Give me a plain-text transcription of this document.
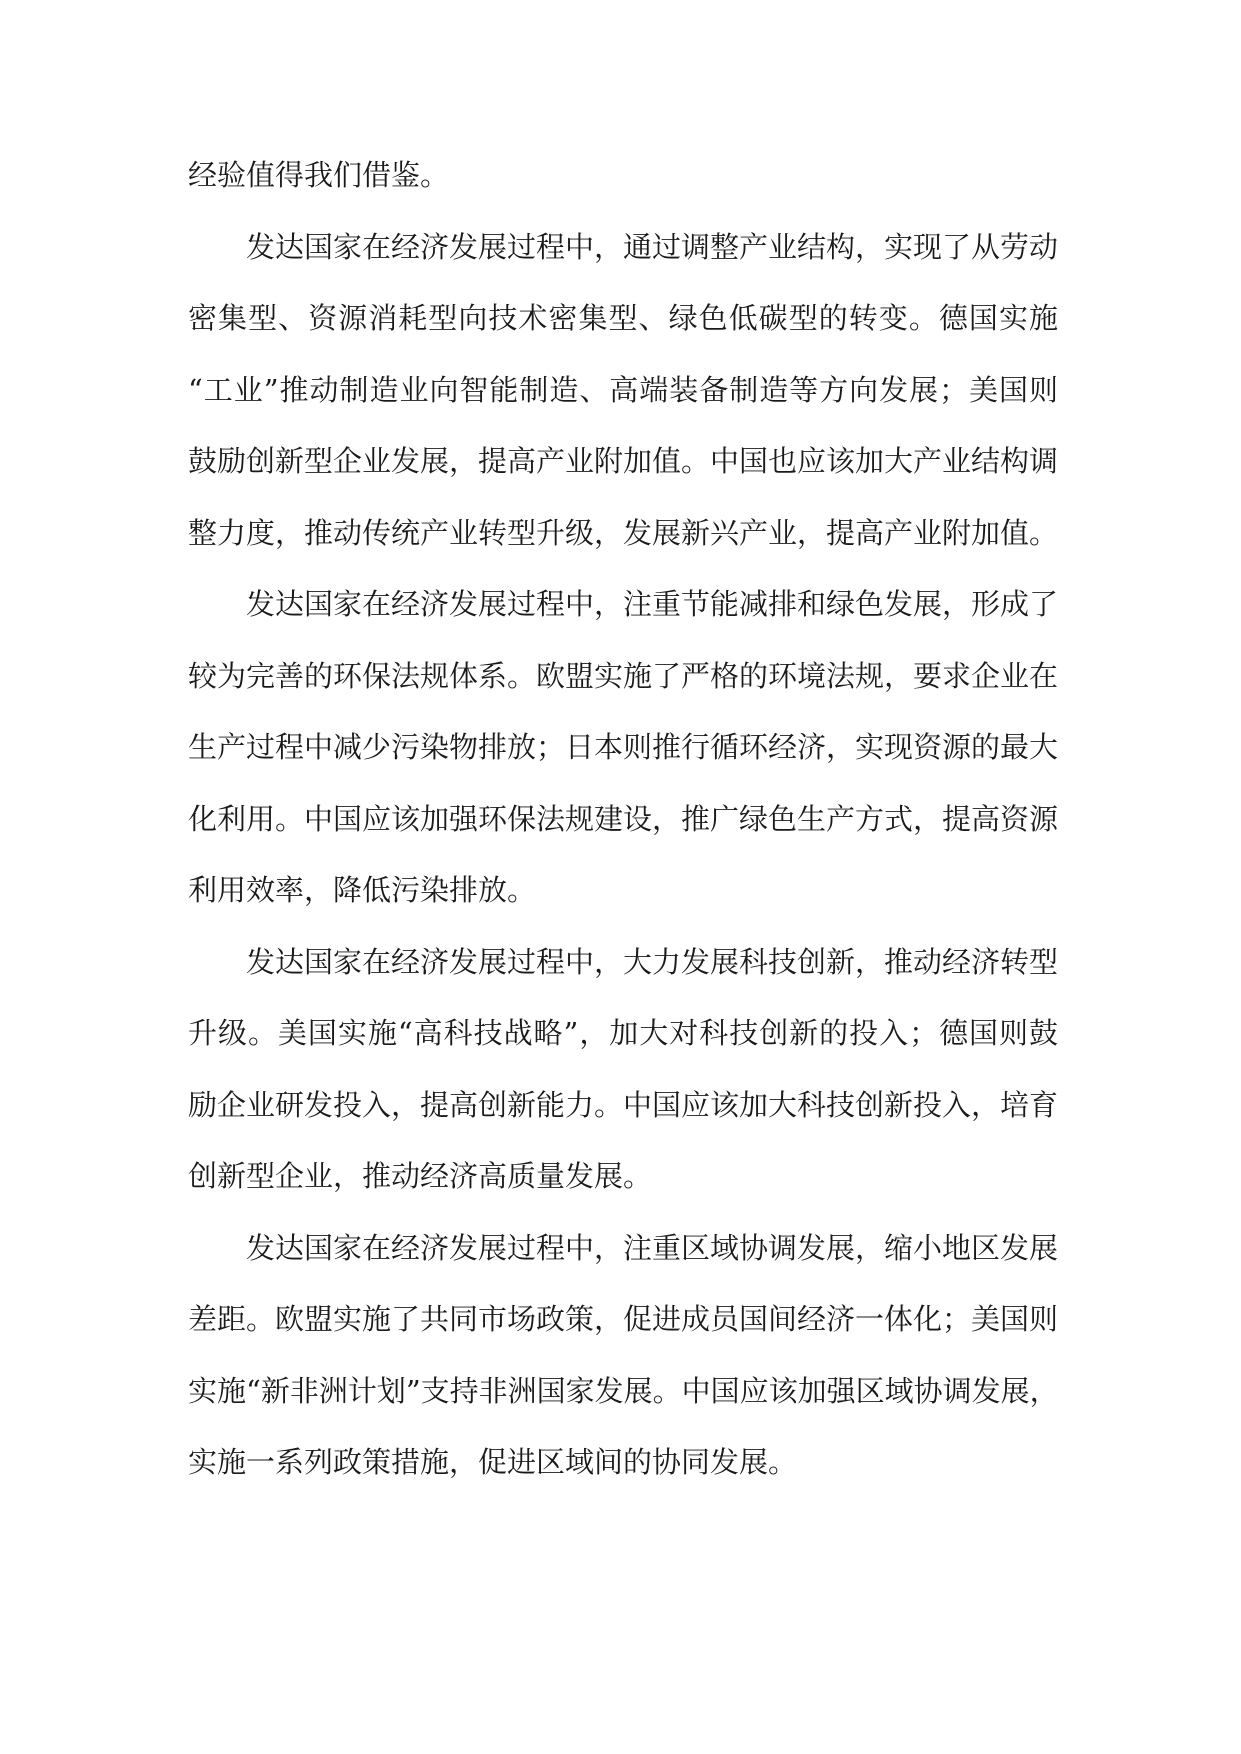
经验值得我们借鉴。
发达国家在经济发展过程中，通过调整产业结构，实现了从劳动
密集型、资源消耗型向技术密集型、绿色低碳型的转变。德国实施
“工业”推动制造业向智能制造、高端装备制造等方向发展；美国则
鼓励创新型企业发展，提高产业附加值。中国也应该加大产业结构调
整力度，推动传统产业转型升级，发展新兴产业，提高产业附加值。
发达国家在经济发展过程中，注重节能减排和绿色发展，形成了
较为完善的环保法规体系。欧盟实施了严格的环境法规，要求企业在
生产过程中减少污染物排放；日本则推行循环经济，实现资源的最大
化利用。中国应该加强环保法规建设，推广绿色生产方式，提高资源
利用效率，降低污染排放。
发达国家在经济发展过程中，大力发展科技创新，推动经济转型
升级。美国实施“高科技战略”，加大对科技创新的投入；德国则鼓
励企业研发投入，提高创新能力。中国应该加大科技创新投入，培育
创新型企业，推动经济高质量发展。
发达国家在经济发展过程中，注重区域协调发展，缩小地区发展
差距。欧盟实施了共同市场政策，促进成员国间经济一体化；美国则
实施“新非洲计划”支持非洲国家发展。中国应该加强区域协调发展，
实施一系列政策措施，促进区域间的协同发展。
